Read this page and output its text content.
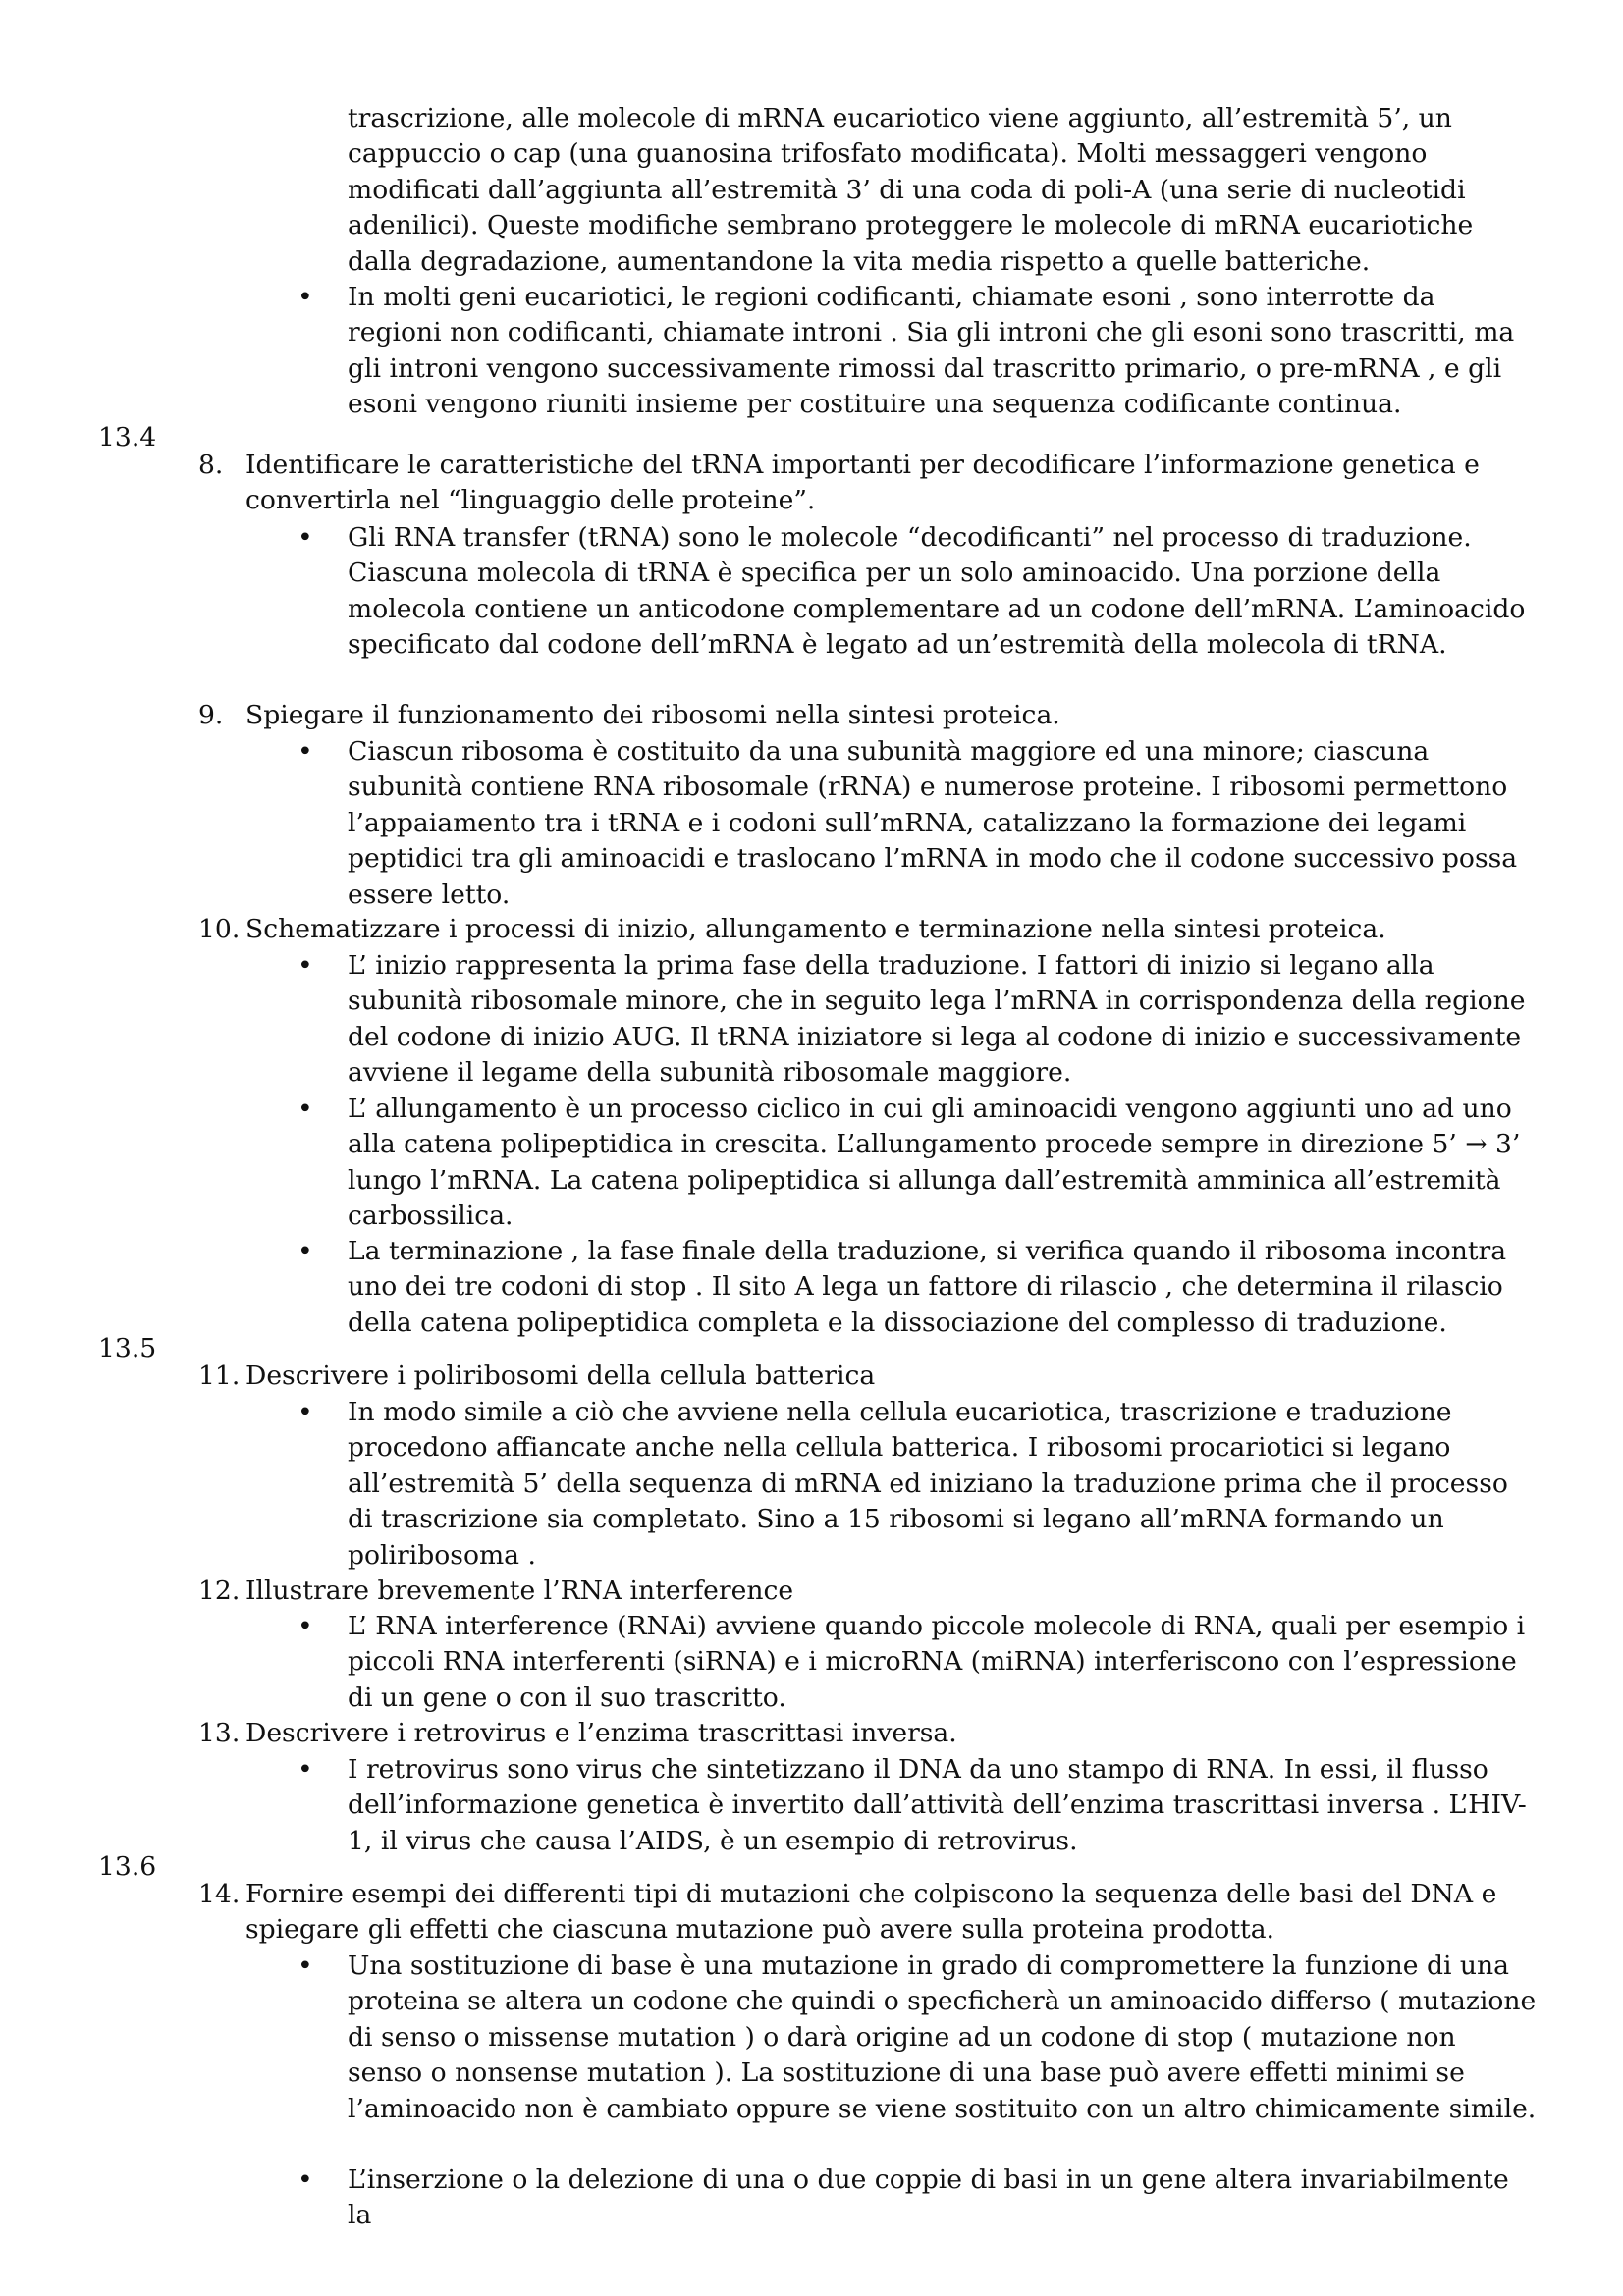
trascrizione, alle molecole di mRNA eucariotico viene aggiunto, all’estremità 5’, un cappuccio o cap (una guanosina trifosfato modificata). Molti messaggeri vengono modificati dall’aggiunta all’estremità 3’ di una coda di poli-A (una serie di nucleotidi adenilici). Queste modifiche sembrano proteggere le molecole di mRNA eucariotiche dalla degradazione, aumentandone la vita media rispetto a quelle batteriche.
•	In molti geni eucariotici, le regioni codificanti, chiamate esoni , sono interrotte da regioni non codificanti, chiamate introni . Sia gli introni che gli esoni sono trascritti, ma gli introni vengono successivamente rimossi dal trascritto primario, o pre-mRNA , e gli esoni vengono riuniti insieme per costituire una sequenza codificante continua.
13.4
8. Identificare le caratteristiche del tRNA importanti per decodificare l’informazione genetica e convertirla nel “linguaggio delle proteine”.
•	Gli RNA transfer (tRNA) sono le molecole “decodificanti” nel processo di traduzione. Ciascuna molecola di tRNA è specifica per un solo aminoacido. Una porzione della molecola contiene un anticodone complementare ad un codone dell’mRNA. L’aminoacido specificato dal codone dell’mRNA è legato ad un’estremità della molecola di tRNA.
9. Spiegare il funzionamento dei ribosomi nella sintesi proteica.
•	Ciascun ribosoma è costituito da una subunità maggiore ed una minore; ciascuna subunità contiene RNA ribosomale (rRNA) e numerose proteine. I ribosomi permettono l’appaiamento tra i tRNA e i codoni sull’mRNA, catalizzano la formazione dei legami peptidici tra gli aminoacidi e traslocano l’mRNA in modo che il codone successivo possa essere letto.
10. Schematizzare i processi di inizio, allungamento e terminazione nella sintesi proteica.
•	L’ inizio rappresenta la prima fase della traduzione. I fattori di inizio si legano alla subunità ribosomale minore, che in seguito lega l’mRNA in corrispondenza della regione del codone di inizio AUG. Il tRNA iniziatore si lega al codone di inizio e successivamente avviene il legame della subunità ribosomale maggiore.
•	L’ allungamento è un processo ciclico in cui gli aminoacidi vengono aggiunti uno ad uno alla catena polipeptidica in crescita. L’allungamento procede sempre in direzione 5’ → 3’ lungo l’mRNA. La catena polipeptidica si allunga dall’estremità amminica all’estremità carbossilica.
•	La terminazione , la fase finale della traduzione, si verifica quando il ribosoma incontra uno dei tre codoni di stop . Il sito A lega un fattore di rilascio , che determina il rilascio della catena polipeptidica completa e la dissociazione del complesso di traduzione.
13.5
11. Descrivere i poliribosomi della cellula batterica
•	In modo simile a ciò che avviene nella cellula eucariotica, trascrizione e traduzione procedono affiancate anche nella cellula batterica. I ribosomi procariotici si legano all’estremità 5’ della sequenza di mRNA ed iniziano la traduzione prima che il processo di trascrizione sia completato. Sino a 15 ribosomi si legano all’mRNA formando un poliribosoma .
12. Illustrare brevemente l’RNA interference
•	L’ RNA interference (RNAi) avviene quando piccole molecole di RNA, quali per esempio i piccoli RNA interferenti (siRNA) e i microRNA (miRNA) interferiscono con l’espressione di un gene o con il suo trascritto.
13. Descrivere i retrovirus e l’enzima trascrittasi inversa.
•	I retrovirus sono virus che sintetizzano il DNA da uno stampo di RNA. In essi, il flusso dell’informazione genetica è invertito dall’attività dell’enzima trascrittasi inversa . L’HIV-1, il virus che causa l’AIDS, è un esempio di retrovirus.
13.6
14. Fornire esempi dei differenti tipi di mutazioni che colpiscono la sequenza delle basi del DNA e spiegare gli effetti che ciascuna mutazione può avere sulla proteina prodotta.
•	Una sostituzione di base è una mutazione in grado di compromettere la funzione di una proteina se altera un codone che quindi o specficherà un aminoacido differso ( mutazione di senso o missense mutation ) o darà origine ad un codone di stop ( mutazione non senso o nonsense mutation ). La sostituzione di una base può avere effetti minimi se l’aminoacido non è cambiato oppure se viene sostituito con un altro chimicamente simile.
•	L’inserzione o la delezione di una o due coppie di basi in un gene altera invariabilmente la
